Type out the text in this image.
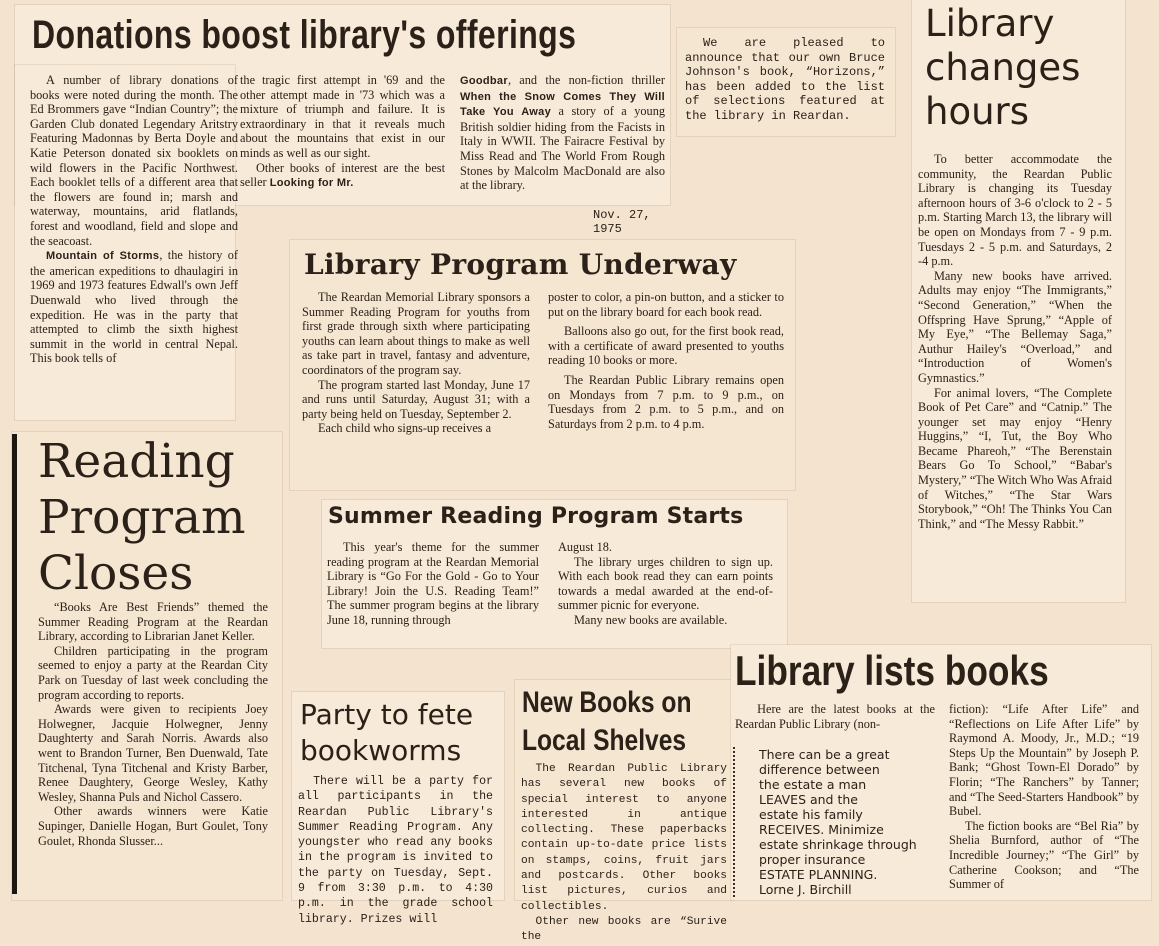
Donations boost library's offerings

A number of library donations of books were noted during the month. The Ed Brommers gave “Indian Country”; the Garden Club donated Legendary Aritstry Featuring Madonnas by Berta Doyle and Katie Peterson donated six booklets on wild flowers in the Pacific Northwest. Each booklet tells of a different area that the flowers are found in; marsh and waterway, mountains, arid flatlands, forest and woodland, field and slope and the seacoast.

Mountain of Storms, the history of the american expeditions to dhaulagiri in 1969 and 1973 features Edwall's own Jeff Duenwald who lived through the expedition. He was in the party that attempted to climb the sixth highest summit in the world in central Nepal. This book tells of

the tragic first attempt in '69 and the other attempt made in '73 which was a mixture of triumph and failure. It is extraordinary in that it reveals much about the mountains that exist in our minds as well as our sight.

Other books of interest are the best seller Looking for Mr.

Goodbar, and the non-fiction thriller When the Snow Comes They Will Take You Away a story of a young British soldier hiding from the Facists in Italy in WWII. The Fairacre Festival by Miss Read and The World From Rough Stones by Malcolm MacDonald are also at the library.

Nov. 27, 1975
We are pleased to announce that our own Bruce Johnson's book, “Horizons,” has been added to the list of selections featured at the library in Reardan.
Library
changes
hours

To better accommodate the community, the Reardan Public Library is changing its Tuesday afternoon hours of 3-6 o'clock to 2 - 5 p.m. Starting March 13, the library will be open on Mondays from 7 - 9 p.m. Tuesdays 2 - 5 p.m. and Saturdays, 2 -4 p.m.

Many new books have arrived. Adults may enjoy “The Immigrants,” “Second Generation,” “When the Offspring Have Sprung,” “Apple of My Eye,” “The Bellemay Saga,” Authur Hailey's “Overload,” and “Introduction of Women's Gymnastics.”

For animal lovers, “The Complete Book of Pet Care” and “Catnip.” The younger set may enjoy “Henry Huggins,” “I, Tut, the Boy Who Became Phareoh,” “The Berenstain Bears Go To School,” “Babar's Mystery,” “The Witch Who Was Afraid of Witches,” “The Star Wars Storybook,” “Oh! The Thinks You Can Think,” and “The Messy Rabbit.”

Library Program Underway

The Reardan Memorial Library sponsors a Summer Reading Program for youths from first grade through sixth where participating youths can learn about things to make as well as take part in travel, fantasy and adventure, coordinators of the program say.

The program started last Monday, June 17 and runs until Saturday, August 31; with a party being held on Tuesday, September 2.

Each child who signs-up receives a

poster to color, a pin-on button, and a sticker to put on the library board for each book read.

Balloons also go out, for the first book read, with a certificate of award presented to youths reading 10 books or more.

The Reardan Public Library remains open on Mondays from 7 p.m. to 9 p.m., on Tuesdays from 2 p.m. to 5 p.m., and on Saturdays from 2 p.m. to 4 p.m.

Summer Reading Program Starts

This year's theme for the summer reading program at the Reardan Memorial Library is “Go For the Gold - Go to Your Library! Join the U.S. Reading Team!” The summer program begins at the library June 18, running through

August 18.

The library urges children to sign up. With each book read they can earn points towards a medal awarded at the end-of-summer picnic for everyone.

Many new books are available.

Reading
Program
Closes

“Books Are Best Friends” themed the Summer Reading Program at the Reardan Library, according to Librarian Janet Keller.

Children participating in the program seemed to enjoy a party at the Reardan City Park on Tuesday of last week concluding the program according to reports.

Awards were given to recipients Joey Holwegner, Jacquie Holwegner, Jenny Daughterty and Sarah Norris. Awards also went to Brandon Turner, Ben Duenwald, Tate Titchenal, Tyna Titchenal and Kristy Barber, Renee Daughtery, George Wesley, Kathy Wesley, Shanna Puls and Nichol Cassero.

Other awards winners were Katie Supinger, Danielle Hogan, Burt Goulet, Tony Goulet, Rhonda Slusser...

Party to fete
bookworms

There will be a party for all participants in the Reardan Public Library's Summer Reading Program. Any youngster who read any books in the program is invited to the party on Tuesday, Sept. 9 from 3:30 p.m. to 4:30 p.m. in the grade school library. Prizes will

New Books on
Local Shelves

The Reardan Public Library has several new books of special interest to anyone interested in antique collecting. These paperbacks contain up-to-date price lists on stamps, coins, fruit jars and postcards. Other books list pictures, curios and collectibles.

Other new books are “Surive the

Library lists books
Here are the latest books at the Reardan Public Library (non-
There can be a great
difference between
the estate a man
LEAVES and the
estate his family
RECEIVES. Minimize
estate shrinkage through
proper insurance
ESTATE PLANNING.
Lorne J. Birchill

fiction): “Life After Life” and “Reflections on Life After Life” by Raymond A. Moody, Jr., M.D.; “19 Steps Up the Mountain” by Joseph P. Bank; “Ghost Town-El Dorado” by Florin; “The Ranchers” by Tanner; and “The Seed-Starters Handbook” by Bubel.

The fiction books are “Bel Ria” by Shelia Burnford, author of “The Incredible Journey;” “The Girl” by Catherine Cookson; and “The Summer of
